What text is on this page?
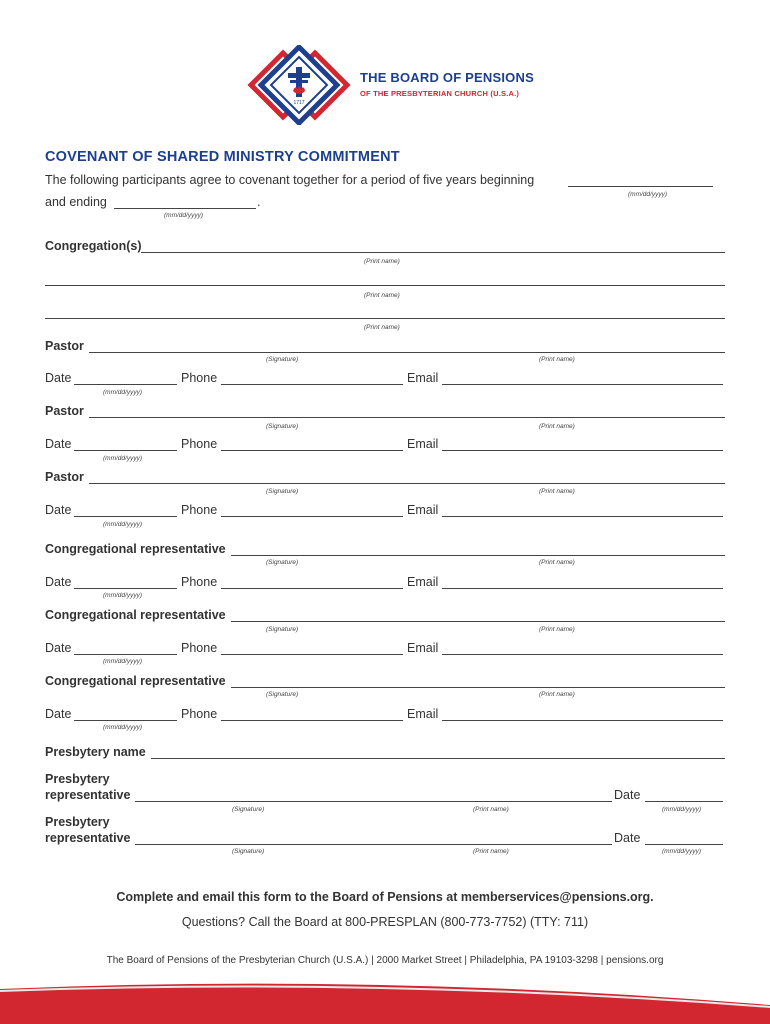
1717
THE BOARD OF PENSIONS
OF THE PRESBYTERIAN CHURCH (U.S.A.)
COVENANT OF SHARED MINISTRY COMMITMENT
The following participants agree to covenant together for a period of five years beginning
(mm/dd/yyyy)
and ending	.
(mm/dd/yyyy)
Congregation(s)
(Print name)
(Print name)
(Print name)
Pastor
(Signature)	(Print name)
Date	Phone	Email
(mm/dd/yyyy)
Pastor
(Signature)	(Print name)
Date	Phone	Email
(mm/dd/yyyy)
Pastor
(Signature)	(Print name)
Date	Phone	Email
(mm/dd/yyyy)
Congregational representative
(Signature)	(Print name)
Date	Phone	Email
(mm/dd/yyyy)
Congregational representative
(Signature)	(Print name)
Date	Phone	Email
(mm/dd/yyyy)
Congregational representative
(Signature)	(Print name)
Date	Phone	Email
(mm/dd/yyyy)
Presbytery name
Presbytery
representative	Date
(Signature)	(Print name)	(mm/dd/yyyy)
Presbytery
representative	Date
(Signature)	(Print name)	(mm/dd/yyyy)
Complete and email this form to the Board of Pensions at memberservices@pensions.org.
Questions? Call the Board at 800-PRESPLAN (800-773-7752) (TTY: 711)
The Board of Pensions of the Presbyterian Church (U.S.A.) | 2000 Market Street | Philadelphia, PA 19103-3298 | pensions.org
